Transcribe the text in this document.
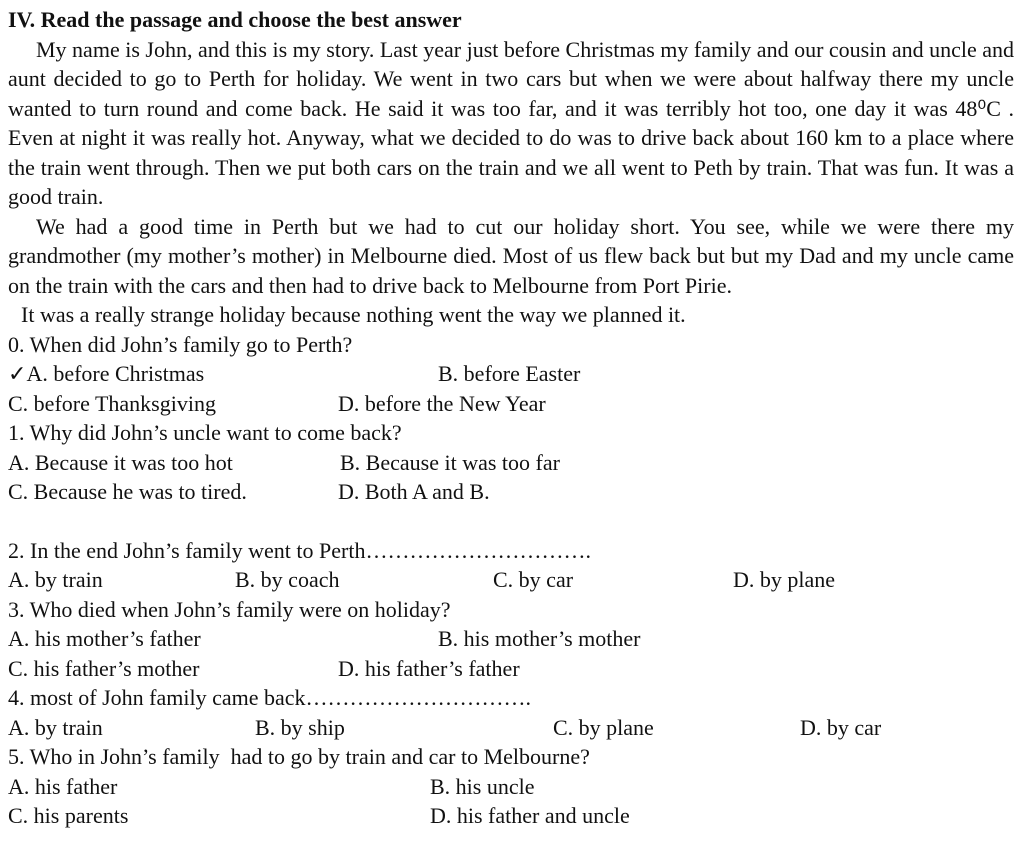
IV. Read the passage and choose the best answer

My name is John, and this is my story. Last year just before Christmas my family and our cousin and uncle and aunt decided to go to Perth for holiday. We went in two cars but when we were about halfway there my uncle wanted to turn round and come back. He said it was too far, and it was terribly hot too, one day it was 48⁰C . Even at night it was really hot. Anyway, what we decided to do was to drive back about 160 km to a place where the train went through. Then we put both cars on the train and we all went to Peth by train. That was fun. It was a good train.

We had a good time in Perth but we had to cut our holiday short. You see, while we were there my grandmother (my mother’s mother) in Melbourne died. Most of us flew back but but my Dad and my uncle came on the train with the cars and then had to drive back to Melbourne from Port Pirie.

It was a really strange holiday because nothing went the way we planned it.

0. When did John’s family go to Perth?
✓A. before Christmas	B. before Easter
C. before Thanksgiving	D. before the New Year
1. Why did John’s uncle want to come back?
A. Because it was too hot	B. Because it was too far
C. Because he was to tired.	D. Both A and B.
2. In the end John’s family went to Perth………………………….
A. by train	B. by coach	C. by car	D. by plane
3. Who died when John’s family were on holiday?
A. his mother’s father	B. his mother’s mother
C. his father’s mother	D. his father’s father
4. most of John family came back………………………….
A. by train	B. by ship	C. by plane	D. by car
5. Who in John’s family  had to go by train and car to Melbourne?
A. his father	B. his uncle
C. his parents	D. his father and uncle
